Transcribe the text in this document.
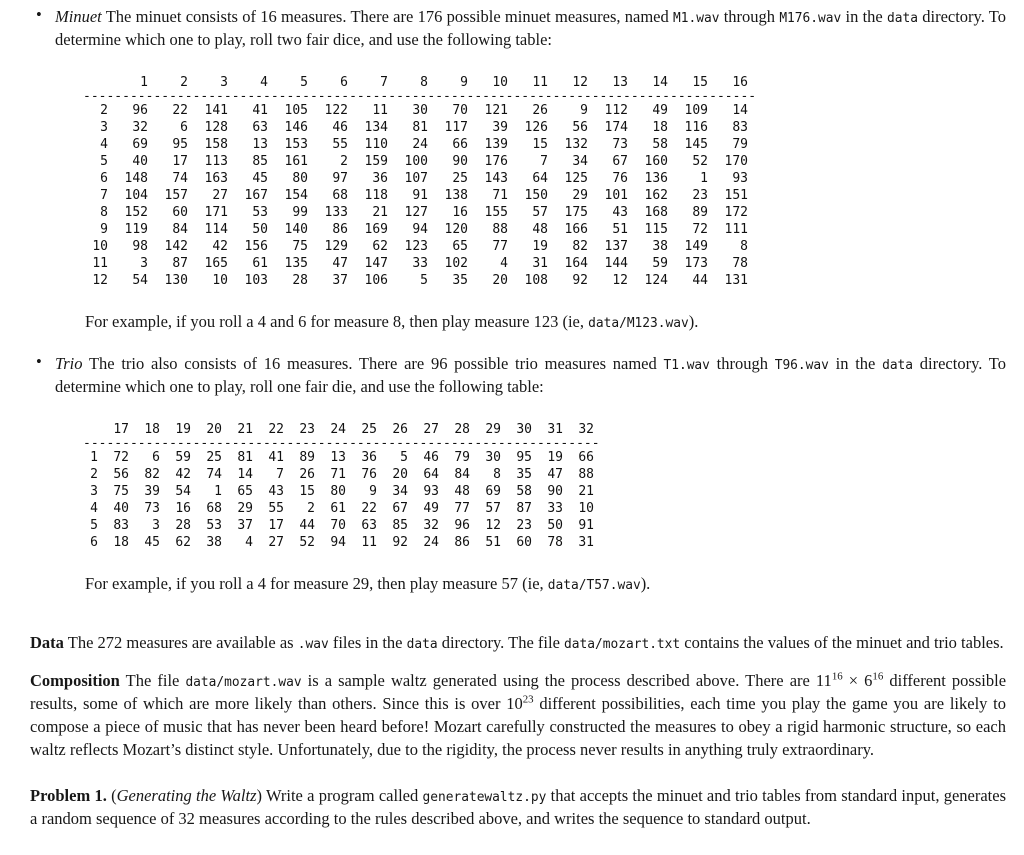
• Minuet The minuet consists of 16 measures. There are 176 possible minuet measures, named M1.wav through M176.wav in the data directory. To determine which one to play, roll two fair dice, and use the following table:

1 2 3 4 5 6 7 8 9 10 11 12 13 14 15 16
--------------------------------------------------------------------------------------
2 96 22 141 41 105 122 11 30 70 121 26 9 112 49 109 14
3 32 6 128 63 146 46 134 81 117 39 126 56 174 18 116 83
4 69 95 158 13 153 55 110 24 66 139 15 132 73 58 145 79
5 40 17 113 85 161 2 159 100 90 176 7 34 67 160 52 170
6 148 74 163 45 80 97 36 107 25 143 64 125 76 136 1 93
7 104 157 27 167 154 68 118 91 138 71 150 29 101 162 23 151
8 152 60 171 53 99 133 21 127 16 155 57 175 43 168 89 172
9 119 84 114 50 140 86 169 94 120 88 48 166 51 115 72 111
10 98 142 42 156 75 129 62 123 65 77 19 82 137 38 149 8
11 3 87 165 61 135 47 147 33 102 4 31 164 144 59 173 78
12 54 130 10 103 28 37 106 5 35 20 108 92 12 124 44 131

For example, if you roll a 4 and 6 for measure 8, then play measure 123 (ie, data/M123.wav).

• Trio The trio also consists of 16 measures. There are 96 possible trio measures named T1.wav through T96.wav in the data directory. To determine which one to play, roll one fair die, and use the following table:

17 18 19 20 21 22 23 24 25 26 27 28 29 30 31 32
------------------------------------------------------------------
1 72 6 59 25 81 41 89 13 36 5 46 79 30 95 19 66
2 56 82 42 74 14 7 26 71 76 20 64 84 8 35 47 88
3 75 39 54 1 65 43 15 80 9 34 93 48 69 58 90 21
4 40 73 16 68 29 55 2 61 22 67 49 77 57 87 33 10
5 83 3 28 53 37 17 44 70 63 85 32 96 12 23 50 91
6 18 45 62 38 4 27 52 94 11 92 24 86 51 60 78 31

For example, if you roll a 4 for measure 29, then play measure 57 (ie, data/T57.wav).

Data The 272 measures are available as .wav files in the data directory. The file data/mozart.txt contains the values of the minuet and trio tables.

Composition The file data/mozart.wav is a sample waltz generated using the process described above. There are $11^{16} \times 6^{16}$ different possible results, some of which are more likely than others. Since this is over $10^{23}$ different possibilities, each time you play the game you are likely to compose a piece of music that has never been heard before! Mozart carefully constructed the measures to obey a rigid harmonic structure, so each waltz reflects Mozart’s distinct style. Unfortunately, due to the rigidity, the process never results in anything truly extraordinary.

Problem 1. (Generating the Waltz) Write a program called generatewaltz.py that accepts the minuet and trio tables from standard input, generates a random sequence of 32 measures according to the rules described above, and writes the sequence to standard output.
